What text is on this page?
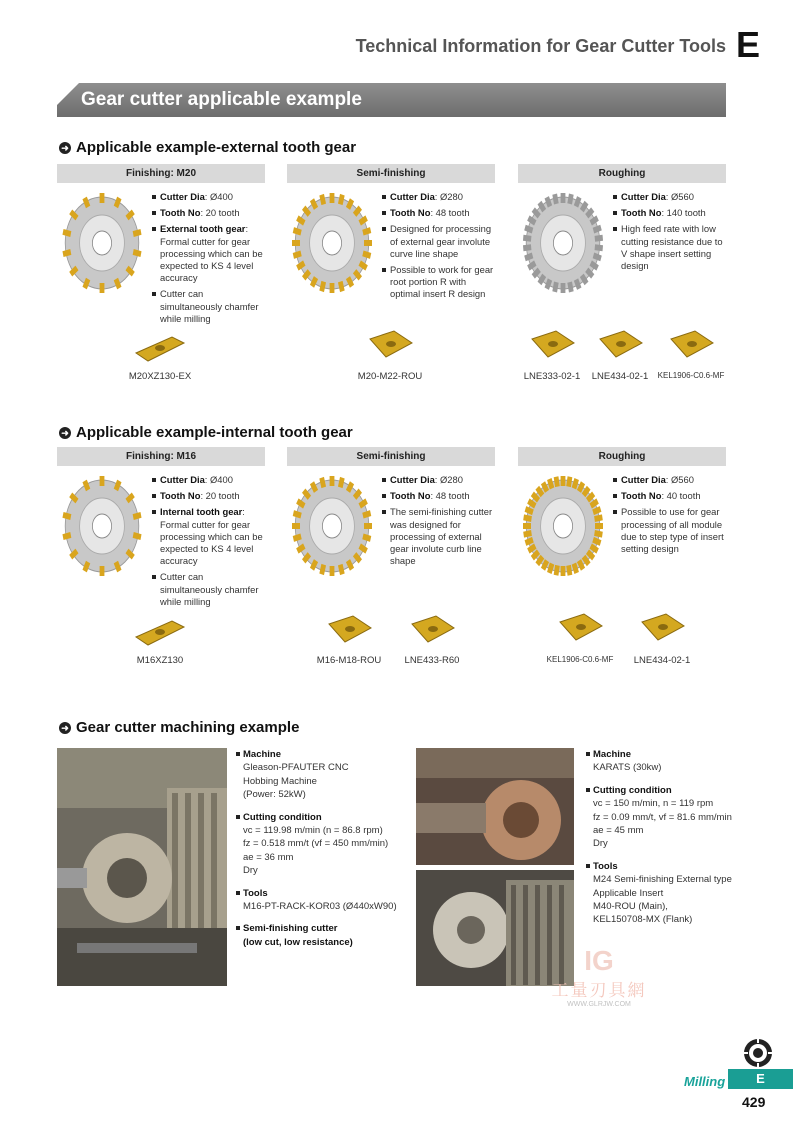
Technical Information for Gear Cutter Tools E
Gear cutter applicable example
➜ Applicable example-external tooth gear
➜ Applicable example-internal tooth gear
Finishing: M20
Cutter Dia: Ø400
Tooth No: 20 tooth
External tooth gear: Formal cutter for gear processing which can be expected to KS 4 level accuracy
Cutter can simultaneously chamfer while milling
M20XZ130-EX
Semi-finishing
Cutter Dia: Ø280
Tooth No: 48 tooth
Designed for processing of external gear involute curve line shape
Possible to work for gear root portion R with optimal insert R design
M20-M22-ROU
Roughing
Cutter Dia: Ø560
Tooth No: 140 tooth
High feed rate with low cutting resistance due to V shape insert setting design
LNE333-02-1	LNE434-02-1	KEL1906-C0.6-MF
Finishing: M16
Cutter Dia: Ø400
Tooth No: 20 tooth
Internal tooth gear: Formal cutter for gear processing which can be expected to KS 4 level accuracy
Cutter can simultaneously chamfer while milling
M16XZ130
Semi-finishing
Cutter Dia: Ø280
Tooth No: 48 tooth
The semi-finishing cutter was designed for processing of external gear involute curb line shape
M16-M18-ROU	LNE433-R60
Roughing
Cutter Dia: Ø560
Tooth No: 40 tooth
Possible to use for gear processing of all module due to step type of insert setting design
KEL1906-C0.6-MF	LNE434-02-1
➜ Gear cutter machining example
Machine
Gleason-PFAUTER CNC
Hobbing Machine
(Power: 52kW)
Cutting condition
vc = 119.98 m/min (n = 86.8 rpm)
fz = 0.518 mm/t (vf = 450 mm/min)
ae = 36 mm
Dry
Tools
M16-PT-RACK-KOR03 (Ø440xW90)
Semi-finishing cutter
(low cut, low resistance)
Machine
KARATS (30kw)
Cutting condition
vc = 150 m/min, n = 119 rpm
fz = 0.09 mm/t, vf = 81.6 mm/min
ae = 45 mm
Dry
Tools
M24 Semi-finishing External type
Applicable Insert
M40-ROU (Main),
KEL150708-MX (Flank)
IG
工量刃具網
WWW.GLRJW.COM
Milling	E
429
